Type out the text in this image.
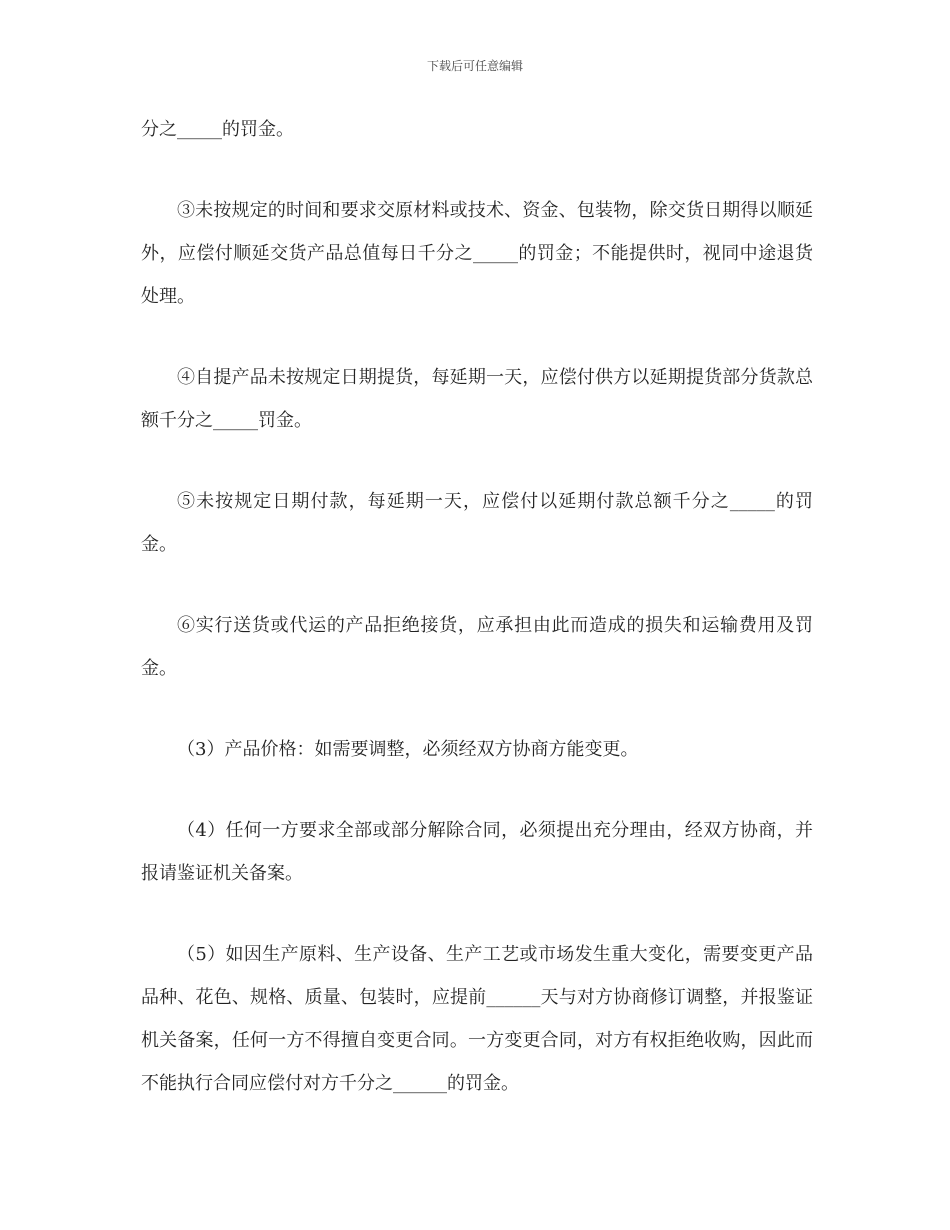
下载后可任意编辑

分之_____的罚金。

③未按规定的时间和要求交原材料或技术、资金、包装物，除交货日期得以顺延外，应偿付顺延交货产品总值每日千分之_____的罚金；不能提供时，视同中途退货处理。

④自提产品未按规定日期提货，每延期一天，应偿付供方以延期提货部分货款总额千分之_____罚金。

⑤未按规定日期付款，每延期一天，应偿付以延期付款总额千分之_____的罚金。

⑥实行送货或代运的产品拒绝接货，应承担由此而造成的损失和运输费用及罚金。

（3）产品价格：如需要调整，必须经双方协商方能变更。

（4）任何一方要求全部或部分解除合同，必须提出充分理由，经双方协商，并报请鉴证机关备案。

（5）如因生产原料、生产设备、生产工艺或市场发生重大变化，需要变更产品品种、花色、规格、质量、包装时，应提前______天与对方协商修订调整，并报鉴证机关备案，任何一方不得擅自变更合同。一方变更合同，对方有权拒绝收购，因此而不能执行合同应偿付对方千分之______的罚金。
